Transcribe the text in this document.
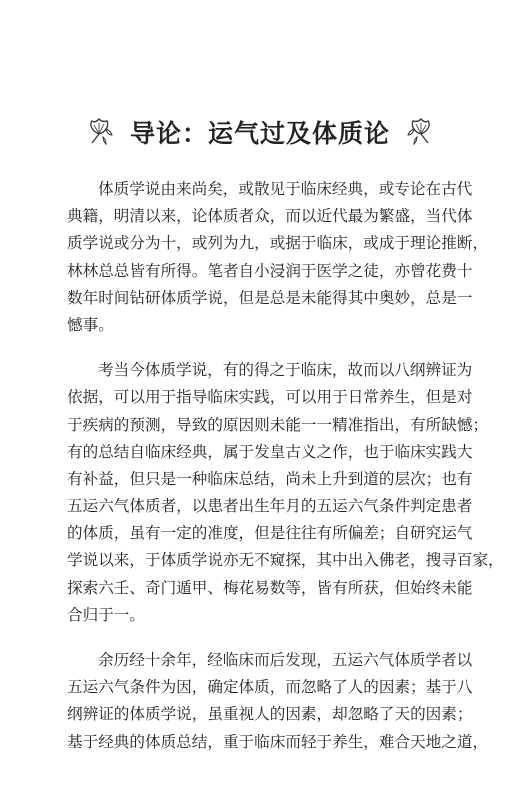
导论：运气过及体质论
体质学说由来尚矣，或散见于临床经典，或专论在古代
典籍，明清以来，论体质者众，而以近代最为繁盛，当代体
质学说或分为十，或列为九，或据于临床，或成于理论推断，
林林总总皆有所得。笔者自小浸润于医学之徒，亦曾花费十
数年时间钻研体质学说，但是总是未能得其中奥妙，总是一
憾事。
考当今体质学说，有的得之于临床，故而以八纲辨证为
依据，可以用于指导临床实践，可以用于日常养生，但是对
于疾病的预测，导致的原因则未能一一精准指出，有所缺憾；
有的总结自临床经典，属于发皇古义之作，也于临床实践大
有补益，但只是一种临床总结，尚未上升到道的层次；也有
五运六气体质者，以患者出生年月的五运六气条件判定患者
的体质，虽有一定的准度，但是往往有所偏差；自研究运气
学说以来，于体质学说亦无不窥探，其中出入佛老，搜寻百家，
探索六壬、奇门遁甲、梅花易数等，皆有所获，但始终未能
合归于一。
余历经十余年，经临床而后发现，五运六气体质学者以
五运六气条件为因，确定体质，而忽略了人的因素；基于八
纲辨证的体质学说，虽重视人的因素，却忽略了天的因素；
基于经典的体质总结，重于临床而轻于养生，难合天地之道，
